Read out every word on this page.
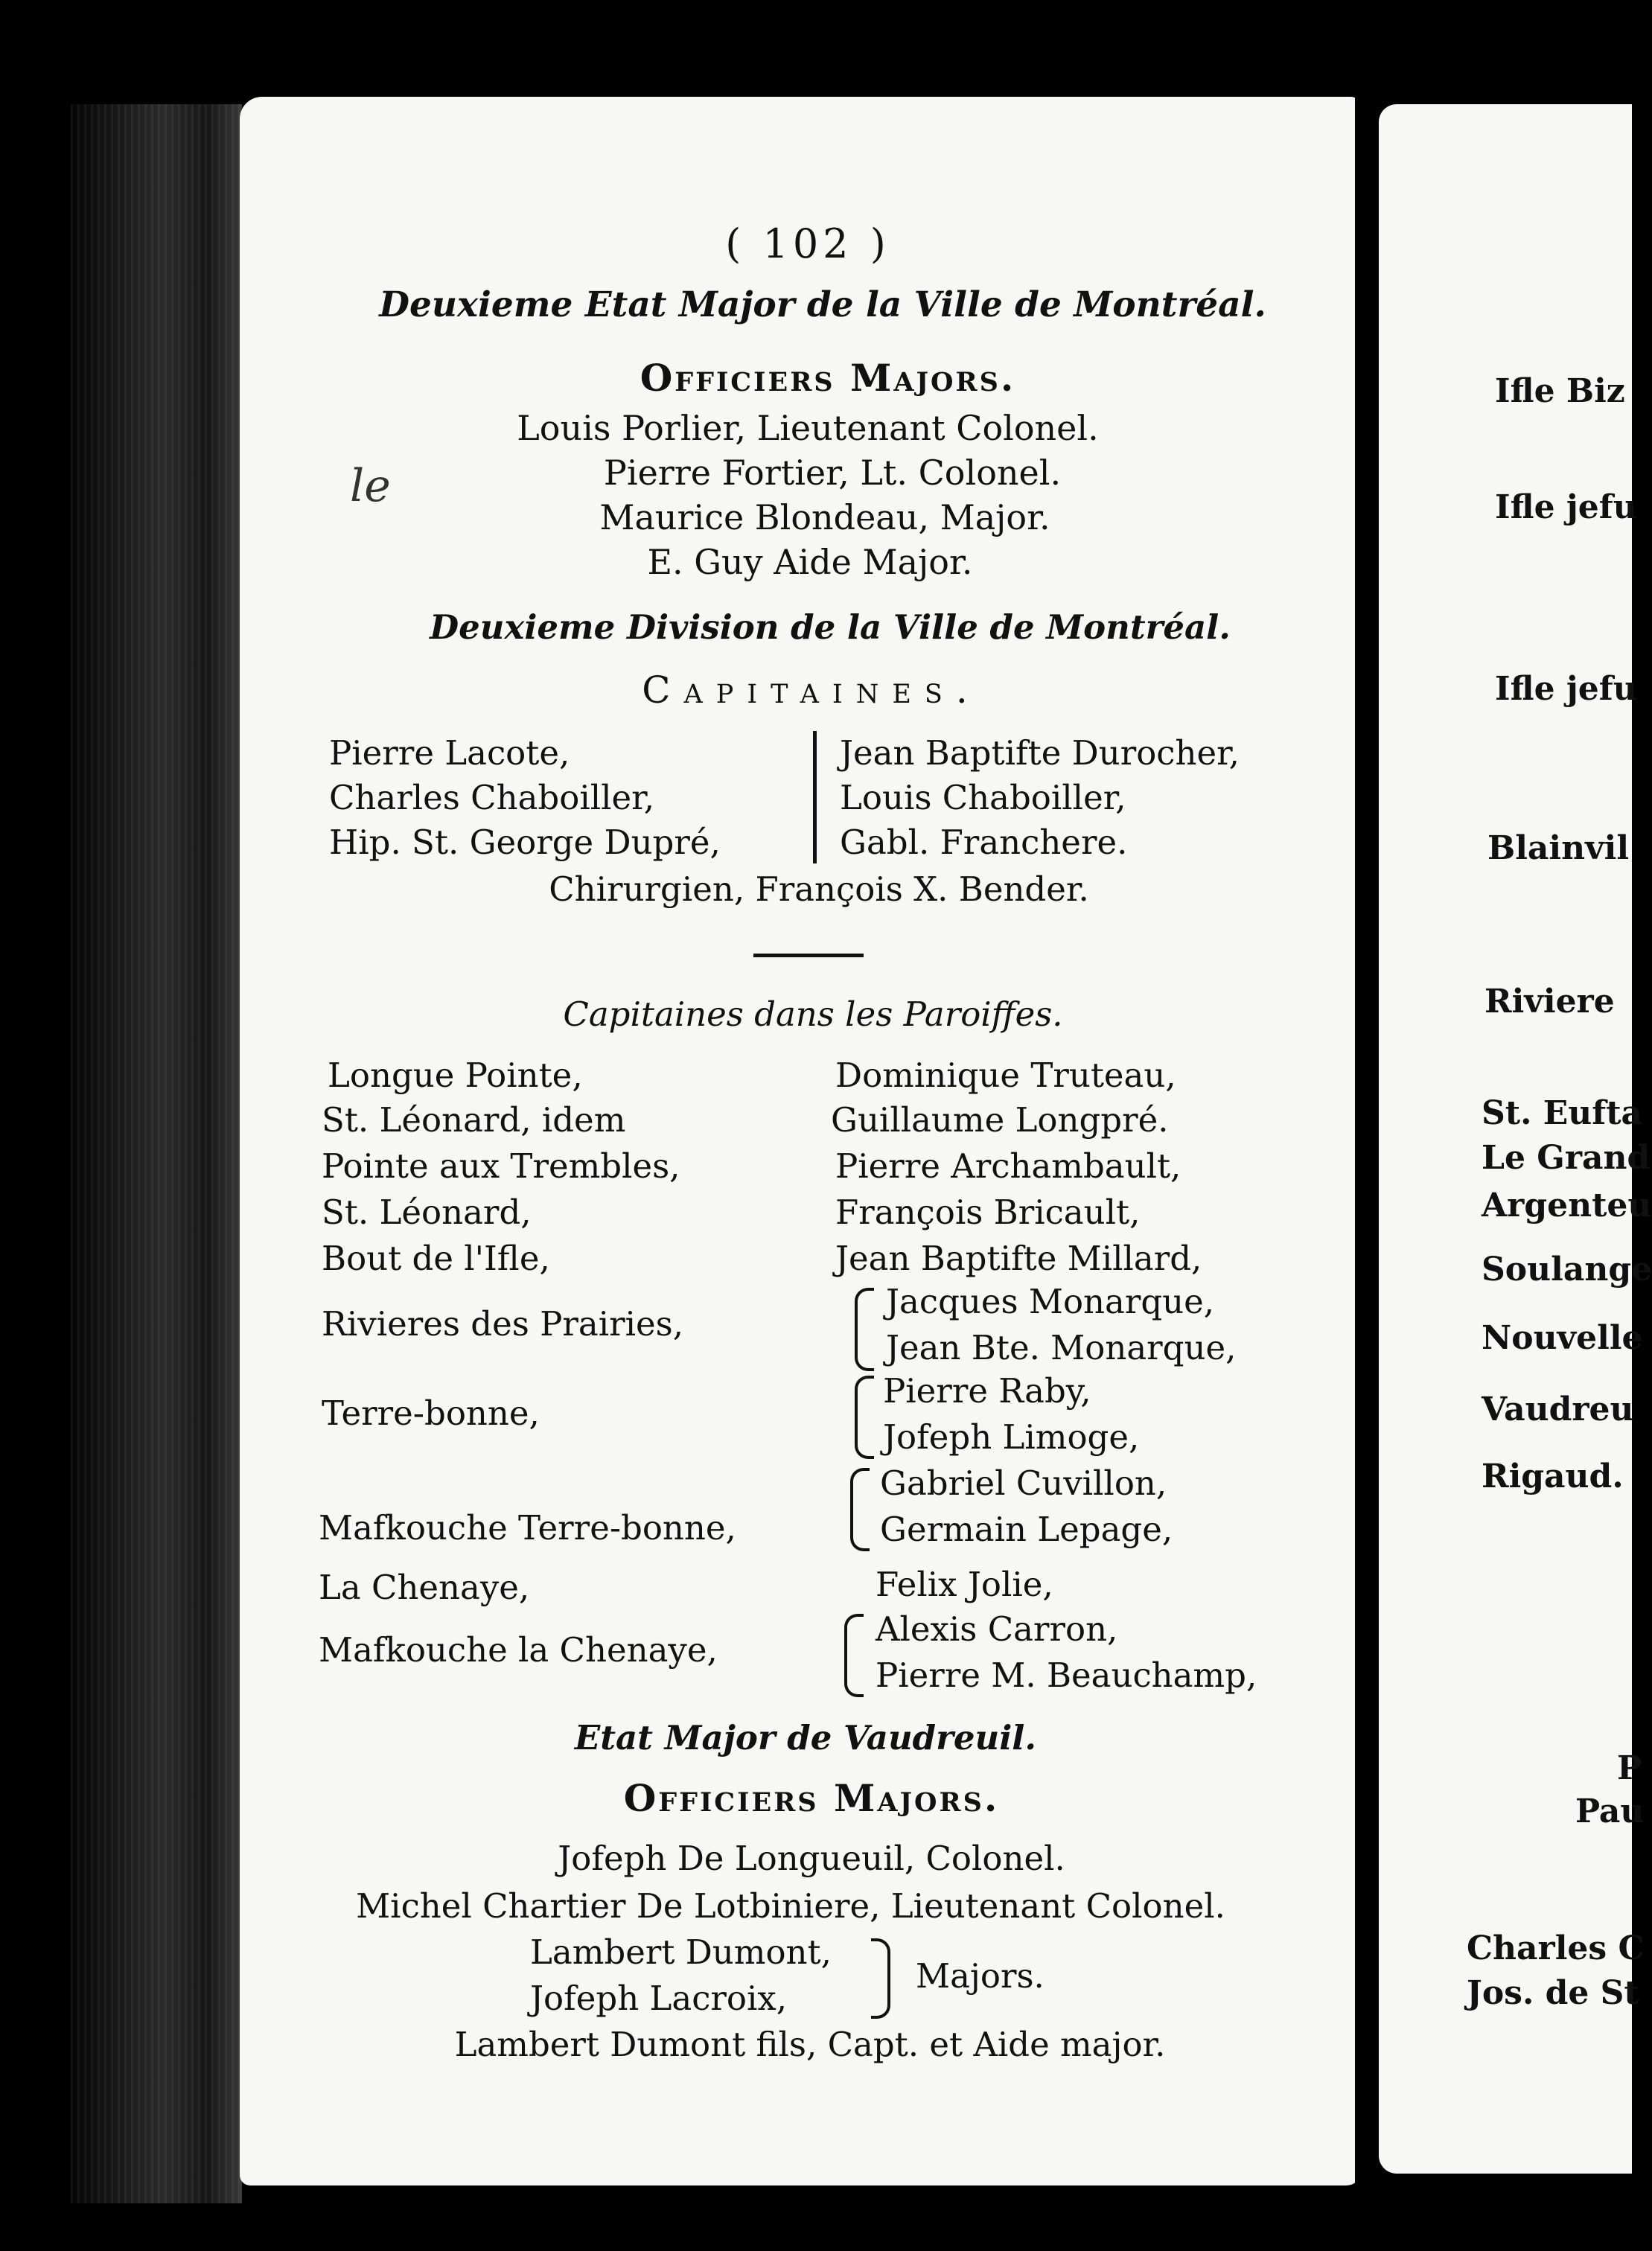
( 102 )
Deuxieme Etat Major de la Ville de Montréal.
Officiers Majors.
Louis Porlier, Lieutenant Colonel.
Pierre Fortier, Lt. Colonel.
Maurice Blondeau, Major.
E. Guy Aide Major.
le
Deuxieme Division de la Ville de Montréal.
Capitaines.
Pierre Lacote,
Charles Chaboiller,
Hip. St. George Dupré,
Jean Baptifte Durocher,
Louis Chaboiller,
Gabl. Franchere.
Chirurgien, François X. Bender.
Capitaines dans les Paroiffes.
Longue Pointe,
St. Léonard, idem
Pointe aux Trembles,
St. Léonard,
Bout de l'Ifle,
Rivieres des Prairies,
Terre-bonne,
Mafkouche Terre-bonne,
La Chenaye,
Mafkouche la Chenaye,
Dominique Truteau,
Guillaume Longpré.
Pierre Archambault,
François Bricault,
Jean Baptifte Millard,
Jacques Monarque,
Jean Bte. Monarque,
Pierre Raby,
Jofeph Limoge,
Gabriel Cuvillon,
Germain Lepage,
Felix Jolie,
Alexis Carron,
Pierre M. Beauchamp,
Etat Major de Vaudreuil.
Officiers Majors.
Jofeph De Longueuil, Colonel.
Michel Chartier De Lotbiniere, Lieutenant Colonel.
Lambert Dumont,
Jofeph Lacroix,
Majors.
Lambert Dumont fils, Capt. et Aide major.
Ifle Biz
Ifle jefu
Ifle jefu
Blainvil
Riviere
St. Eufta
Le Grand
Argenteu
Soulange
Nouvelle
Vaudreu
Rigaud.
P
Pau
Charles C
Jos. de St
